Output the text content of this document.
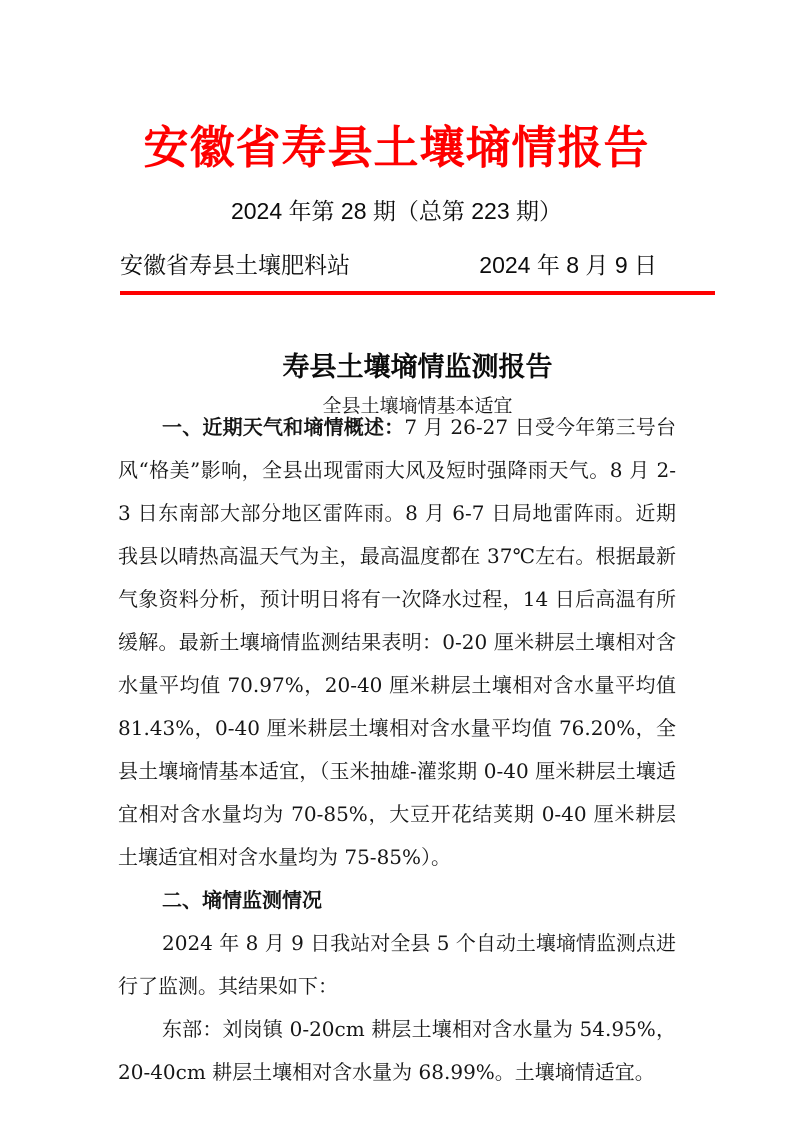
安徽省寿县土壤墒情报告
2024 年第 28 期（总第 223 期）
安徽省寿县土壤肥料站	2024 年 8 月 9 日
寿县土壤墒情监测报告
全县土壤墒情基本适宜

一、近期天气和墒情概述：7 月 26-27 日受今年第三号台风“格美”影响，全县出现雷雨大风及短时强降雨天气。8 月 2-3 日东南部大部分地区雷阵雨。8 月 6-7 日局地雷阵雨。近期我县以晴热高温天气为主，最高温度都在 37℃左右。根据最新气象资料分析，预计明日将有一次降水过程，14 日后高温有所缓解。最新土壤墒情监测结果表明：0-20 厘米耕层土壤相对含水量平均值 70.97%，20-40 厘米耕层土壤相对含水量平均值 81.43%，0-40 厘米耕层土壤相对含水量平均值 76.20%，全县土壤墒情基本适宜，（玉米抽雄-灌浆期 0-40 厘米耕层土壤适宜相对含水量均为 70-85%，大豆开花结荚期 0-40 厘米耕层土壤适宜相对含水量均为 75-85%）。

二、墒情监测情况

2024 年 8 月 9 日我站对全县 5 个自动土壤墒情监测点进行了监测。其结果如下：

东部：刘岗镇 0-20cm 耕层土壤相对含水量为 54.95%，20-40cm 耕层土壤相对含水量为 68.99%。土壤墒情适宜。
